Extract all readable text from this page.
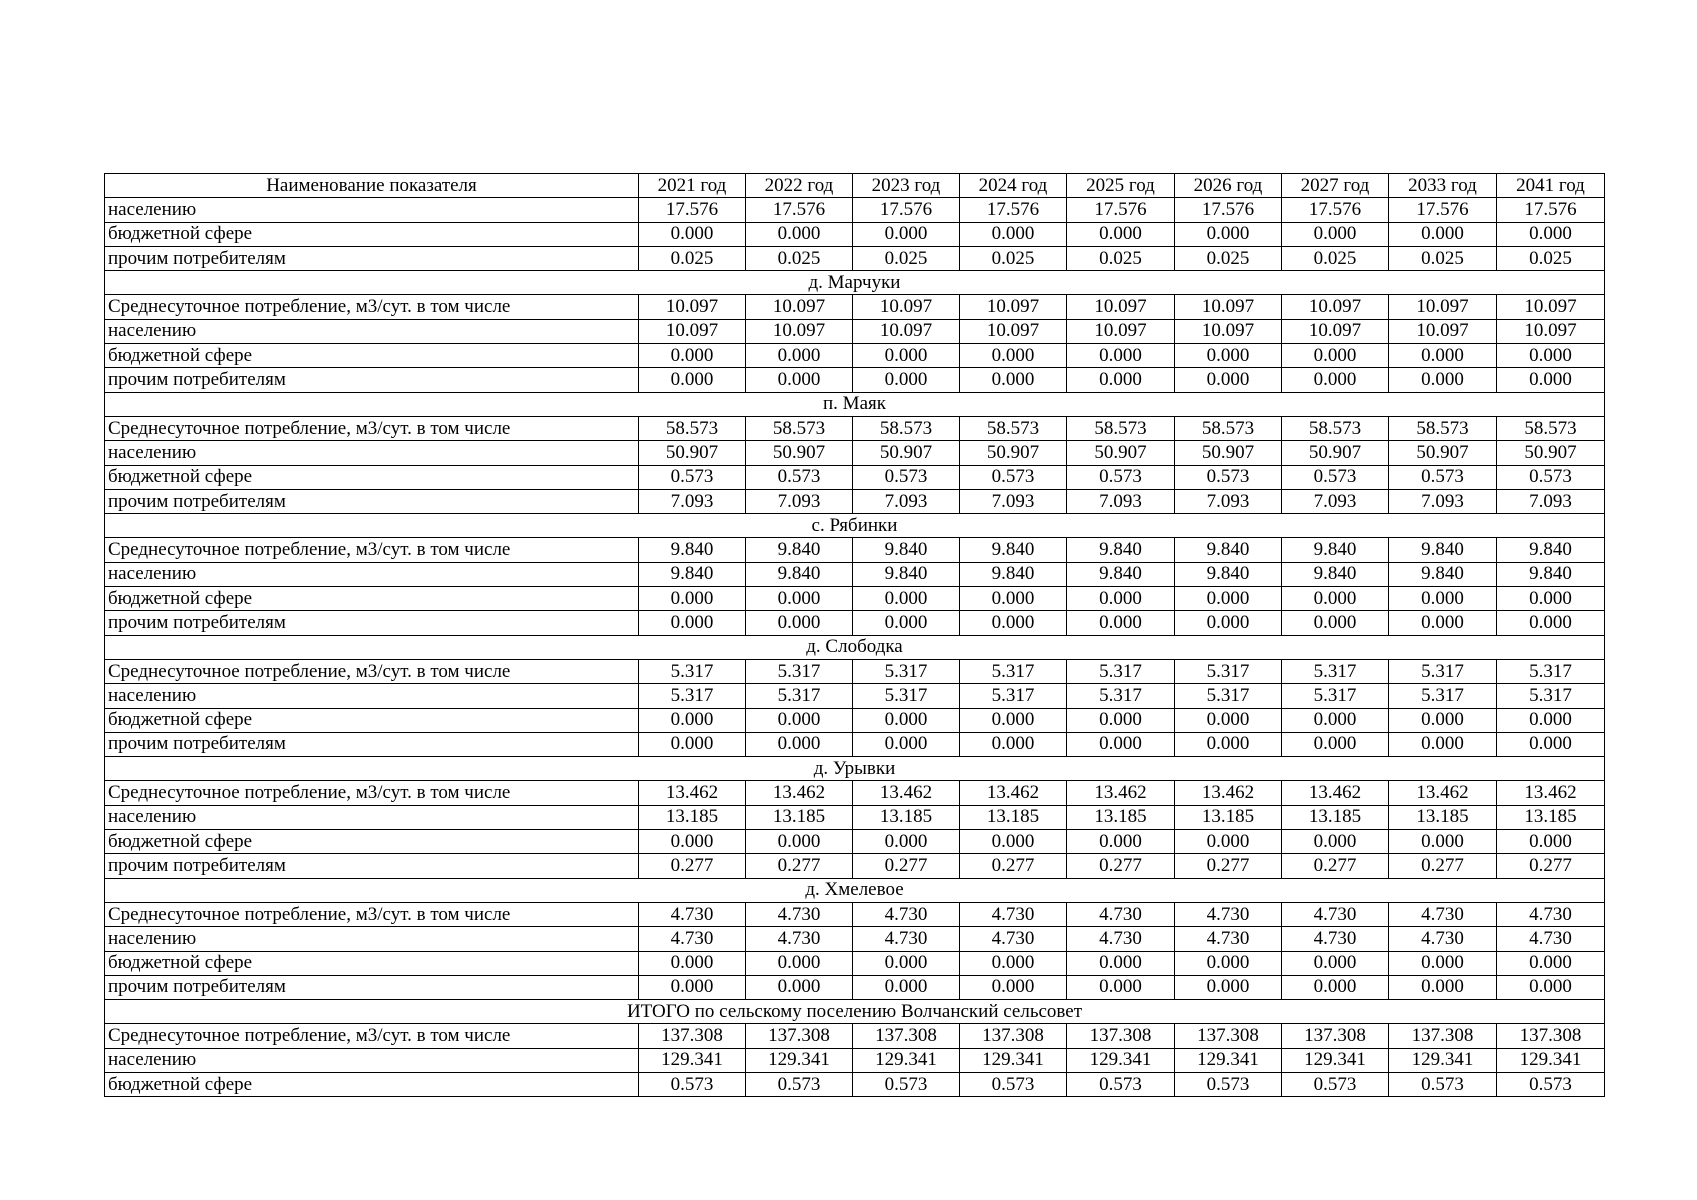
Наименование показателя	2021 год	2022 год	2023 год	2024 год	2025 год	2026 год	2027 год	2033 год	2041 год
населению	17.576	17.576	17.576	17.576	17.576	17.576	17.576	17.576	17.576
бюджетной сфере	0.000	0.000	0.000	0.000	0.000	0.000	0.000	0.000	0.000
прочим потребителям	0.025	0.025	0.025	0.025	0.025	0.025	0.025	0.025	0.025
д. Марчуки									
Среднесуточное потребление, м3/сут. в том числе	10.097	10.097	10.097	10.097	10.097	10.097	10.097	10.097	10.097
населению	10.097	10.097	10.097	10.097	10.097	10.097	10.097	10.097	10.097
бюджетной сфере	0.000	0.000	0.000	0.000	0.000	0.000	0.000	0.000	0.000
прочим потребителям	0.000	0.000	0.000	0.000	0.000	0.000	0.000	0.000	0.000
п. Маяк									
Среднесуточное потребление, м3/сут. в том числе	58.573	58.573	58.573	58.573	58.573	58.573	58.573	58.573	58.573
населению	50.907	50.907	50.907	50.907	50.907	50.907	50.907	50.907	50.907
бюджетной сфере	0.573	0.573	0.573	0.573	0.573	0.573	0.573	0.573	0.573
прочим потребителям	7.093	7.093	7.093	7.093	7.093	7.093	7.093	7.093	7.093
с. Рябинки									
Среднесуточное потребление, м3/сут. в том числе	9.840	9.840	9.840	9.840	9.840	9.840	9.840	9.840	9.840
населению	9.840	9.840	9.840	9.840	9.840	9.840	9.840	9.840	9.840
бюджетной сфере	0.000	0.000	0.000	0.000	0.000	0.000	0.000	0.000	0.000
прочим потребителям	0.000	0.000	0.000	0.000	0.000	0.000	0.000	0.000	0.000
д. Слободка									
Среднесуточное потребление, м3/сут. в том числе	5.317	5.317	5.317	5.317	5.317	5.317	5.317	5.317	5.317
населению	5.317	5.317	5.317	5.317	5.317	5.317	5.317	5.317	5.317
бюджетной сфере	0.000	0.000	0.000	0.000	0.000	0.000	0.000	0.000	0.000
прочим потребителям	0.000	0.000	0.000	0.000	0.000	0.000	0.000	0.000	0.000
д. Урывки									
Среднесуточное потребление, м3/сут. в том числе	13.462	13.462	13.462	13.462	13.462	13.462	13.462	13.462	13.462
населению	13.185	13.185	13.185	13.185	13.185	13.185	13.185	13.185	13.185
бюджетной сфере	0.000	0.000	0.000	0.000	0.000	0.000	0.000	0.000	0.000
прочим потребителям	0.277	0.277	0.277	0.277	0.277	0.277	0.277	0.277	0.277
д. Хмелевое									
Среднесуточное потребление, м3/сут. в том числе	4.730	4.730	4.730	4.730	4.730	4.730	4.730	4.730	4.730
населению	4.730	4.730	4.730	4.730	4.730	4.730	4.730	4.730	4.730
бюджетной сфере	0.000	0.000	0.000	0.000	0.000	0.000	0.000	0.000	0.000
прочим потребителям	0.000	0.000	0.000	0.000	0.000	0.000	0.000	0.000	0.000
ИТОГО по сельскому поселению Волчанский сельсовет									
Среднесуточное потребление, м3/сут. в том числе	137.308	137.308	137.308	137.308	137.308	137.308	137.308	137.308	137.308
населению	129.341	129.341	129.341	129.341	129.341	129.341	129.341	129.341	129.341
бюджетной сфере	0.573	0.573	0.573	0.573	0.573	0.573	0.573	0.573	0.573
